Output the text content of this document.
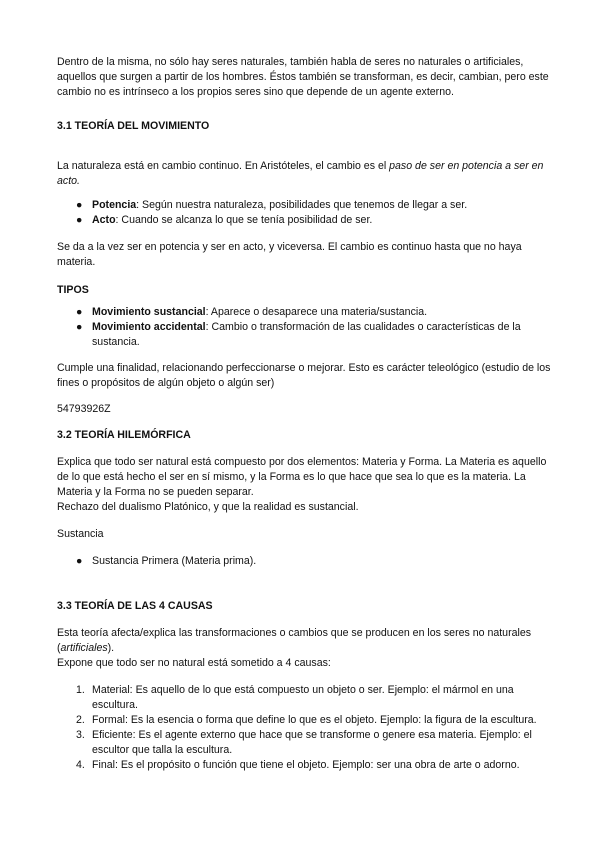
Dentro de la misma, no sólo hay seres naturales, también habla de seres no naturales o artificiales, aquellos que surgen a partir de los hombres. Éstos también se transforman, es decir, cambian, pero este cambio no es intrínseco a los propios seres sino que depende de un agente externo.

3.1 TEORÍA DEL MOVIMIENTO

La naturaleza está en cambio continuo. En Aristóteles, el cambio es el paso de ser en potencia a ser en acto.

● Potencia: Según nuestra naturaleza, posibilidades que tenemos de llegar a ser.
● Acto: Cuando se alcanza lo que se tenía posibilidad de ser.

Se da a la vez ser en potencia y ser en acto, y viceversa. El cambio es continuo hasta que no haya materia.

TIPOS
● Movimiento sustancial: Aparece o desaparece una materia/sustancia.
● Movimiento accidental: Cambio o transformación de las cualidades o características de la sustancia.

Cumple una finalidad, relacionando perfeccionarse o mejorar. Esto es carácter teleológico (estudio de los fines o propósitos de algún objeto o algún ser)

54793926Z

3.2 TEORÍA HILEMÓRFICA

Explica que todo ser natural está compuesto por dos elementos: Materia y Forma. La Materia es aquello de lo que está hecho el ser en sí mismo, y la Forma es lo que hace que sea lo que es la materia. La Materia y la Forma no se pueden separar.

Rechazo del dualismo Platónico, y que la realidad es sustancial.

Sustancia

● Sustancia Primera (Materia prima).
3.3 TEORÍA DE LAS 4 CAUSAS

Esta teoría afecta/explica las transformaciones o cambios que se producen en los seres no naturales (artificiales).

Expone que todo ser no natural está sometido a 4 causas:

1. Material: Es aquello de lo que está compuesto un objeto o ser. Ejemplo: el mármol en una escultura.
2. Formal: Es la esencia o forma que define lo que es el objeto. Ejemplo: la figura de la escultura.
3. Eficiente: Es el agente externo que hace que se transforme o genere esa materia. Ejemplo: el escultor que talla la escultura.
4. Final: Es el propósito o función que tiene el objeto. Ejemplo: ser una obra de arte o adorno.
